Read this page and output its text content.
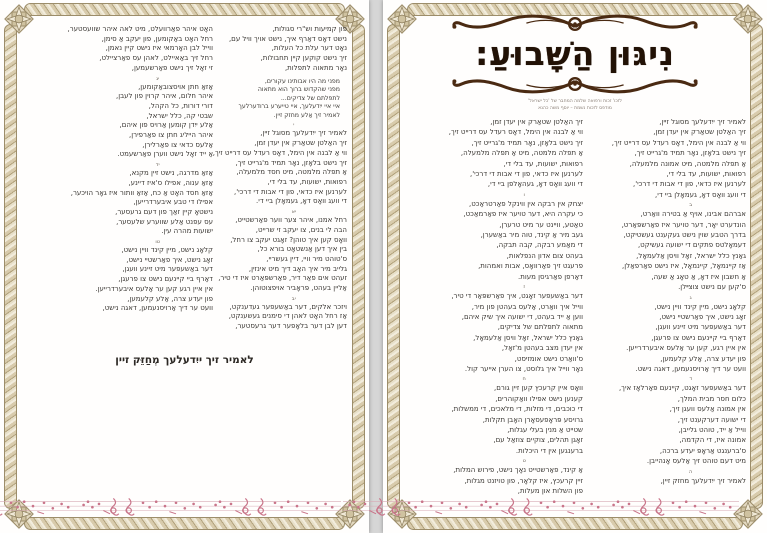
פון קמיעות וש"רי סגולות,
נישט דאָס דאַרף איך, נישט אויך וויל עם,
נאָט דער עלת כל העלות,
זיך נישט קוקען קיין תחבולות,
נאָר מתאוה לתפלות,
מפני מה היו אבותינו עקורים,
מפני שהקדוש ברוך הוא מתאוה
לתפלתם של צדיקים...
איי איי ייִדעלעך, איי טייערע ברודערלעך
לאמיר זיך אַלע מחזק זיין.
י
לאמיר זיך ייִדעלעך מסוגל זיין,
זיך האַלטן שטאַרק אין יעדן זמן,
ווי אַ לבנה אין הימל, דאָס רעדל עס דרייט זיך,
זיך נישט בלאָזן, נאָר תמיד מ'גרייט זיך,
אַ תפלה מלמטה, מיט חסד מלמעלה,
רפואות, ישועות, עד בלי די,
לערנען איז כדאי, פון די אבות די דרכי',
די וועג וואָס דאָ, געמאָלן ביי די.
יא
רחל אמנו, איהר צער ווער פאַרשטייט,
הבה לי בנים, צו יעקב זי שרייט,
וואָס קען איך טוהן? זאָגט יעקב צו רחל,
בין איך דען אַנשטאָט בורא כל,
ס'טוהט מיר וויי, דיין געשריי,
גלייב מיר איך האָב דיך מיט אינזין,
זעהט אים פאַר דיר, פאַרשפּאַרט איז די טיר,
אַליין בעהט, פּראָביר אויפצוטוהן.
יב
ויזכר אלקים, דער באַשעפער געדענקט,
אַז רחל האָט לאהן די סימנים געשענקט,
דען לבן דער בלאָפער דער גרעסטער,
האָט איהר פאַרוועלט, מיט לאה איהר שוועסטער,
רחל האָט באַקומען, פון יעקב אַ סימן,
ווייל לבן האָרמאי איז נישט קיין נאמן,
רחל זיך באַאיילט, לאהן עס פאַרציילט,
זי זאָל זיך נישט פאַרשעמען,
יג
אַזאַ חתן אויסצובאַקומען,
איהר חלום, איהר קרוין פון לעבן,
דורי דורות, כל הקהל,
שבטי קה, כלל ישראל,
אַלע ייִדן קומען אַרויס פון איהם,
איהר הייליג חתן צו פאַרפירן,
אַלעס כדאי צו פאַרלירן,
אַ ייד זאָל נישט ווערן פאַרשעמט.
יד
אַזאַ מדרגה, נישט זיין מקנא,
אַזאַ ענוה, אפילו ס'איז דיינע,
אַזאַ חסד האָט אַ כח, אַזאַ וותור איז גאָר הויכער,
אפילו די טבע איבערדרייען,
נישטאָ קיין זאַך פון דעם גרעסער,
עס עפנט אַלע שווערע שלעסער,
ישועות מהרה עין.
טו
קלאָג נישט, מיין קינד וויין נישט,
זאָג נישט, איך פאַרשטיי נישט,
דער באַשעפער מיט זיינע וועגן,
דאַרף ביי קיינעם נישט צו פרעגן,
אין איין רגע קען ער אַלעס איבערדרייען.
פון יעדע צרה, אַלע קלעמען,
וועט ער דיך אַרויסנעמען, דאגה נישט,
לאמיר זיך ייִדעלעך מְחַזֵּק זיין
נִיגּוּן הַשָּׁבוּעַ:
לזכו' זכות ורפואה שלמה המחבר של 'כל ישראל'
מודפס לזכות נשמת – יוסף משה כהנא
לאמיר זיך ייִדעלעך מסוגל זיין,
זיך האַלטן שטאַרק אין יעדן זמן,
ווי אַ לבנה אין הימל, דאָס רעדל עס דרייט זיך,
זיך נישט בלאָזן, נאָר תמיד מ'גרייט זיך,
אַ תפלה מלמטה, מיט אמונה מלמעלה,
רפואות, ישועות, עד בלי די,
לערנען איז כדאי, פון די אבות די דרכי',
די וועג וואָס דאָ, געמאָלן ביי די,
ב
אברהם אבינו, אויף אַ בטירה וואַרט,
הונדערט יאָר, דער טויער איז פאַרשפּאַרט,
בדרך הטבע שוין נישט געקענט געשטיקט,
דעמאָלטס פתקים די ישועה געשיקט,
גאַנץ כלל ישראל, זאָל וויסן אַלעמאָל,
אַז קיינמאָל, קיינמאָל, איז נישט פאַרפאַלן,
אַ חשבון איז דאָ, אַ טאָג אַ שעה,
ס'קען עם נישט צוצײלן.
ג
קלאָג נישט, מיין קינד וויין נישט,
זאָג נישט, איך פאַרשטיי נישט,
דער באַשעפער מיט זיינע וועגן,
דאַרף ביי קיינעם נישט צו פרעגן,
אין איין רגע, קען ער אַלעס איבערדרייען.
פון יעדע צרה, אַלע קלעמען,
וועט ער דיך אַרויסנעמען, דאגה נישט.
ד
דער באַשעפער זאָגט, קיינעם פאַרלאָז איך,
כלום חסר מבית המלך,
אין אמונה אַלעס וועגן זיך,
די ישועה דערקענט זיך,
ווייל אַ ייד, טוהט גלייבן,
אמונה איז, די הקדמה,
ס'ברענגט אַראָפּ יעדע ברכה,
מיט דעם טוהט זיך אַלעס אָנהייבן.
ה
לאמיר זיך ייִדעלעך מחזק זיין,
זיך האַלטן שטאַרק אין יעדן זמן,
ווי אַ לבנה אין הימל, דאָס רעדל עס דרייט זיך,
זיך נישט בלאָזן, נאָר תמיד מ'גרייט זיך,
אַ תפלה מלמטה, מיט אַ תפלה מלמעלה,
רפואות, ישועות, עד בלי די,
לערנען איז כדאי, פון די אבות די דרכי',
די וועג וואָס דאָ, געהאָלפן ביי די,
ו
יצחק אין רבקה אין ווינקל פאַרטראַכט,
כי עקרה היא, דער טויער איז פאַרמאַכט,
טאַטע, וויינט ער מיט טרערן,
געב מיר אַ קינד, טוה מיר באַשערן,
די מאַמע רבקה, קבה תבקה,
בעהט צום אדון הנפלאות,
פרעגט זיך פאַרוואָס, אבות ואמהות,
דאַרפן פאַרגיסן מעות.
ז
דער באַשעפער זאָגט, איך פאַרשפּאַר די טיר,
ווייל איך וואַרט, אַלעס בעהטן פון מיר,
ווען אַ ייד בעהט, די ישועה איך שיק איהם,
מתאוה לתפלתם של צדיקים,
גאַנץ כלל ישראל, זאָל וויסן אַלעמאָל,
אין יעדן מצב בעהטן מ'זאָל,
ס'וואַרט נישט אומזיסט,
נאָר ווייל איך גלוסט, צו הערן אייער קול.
ח
וואָס איין קרעכץ קען זיין גורם,
קענען נישט אפילו וואַקוהרים,
די כוכבים, די מזלות, די מלאכים, די ממשלות,
גרויסע פּראָפעסאָרן האָבן תקלות,
שטייט אַ מנין בעלי עגלות,
זאָגן תהלים, צוקיים צוזאַל עם,
ברענגען אין די היכלות.
ט
אַ קינד, פאַרשטייט נאָך נישט, פירוש המלות,
זיין קרעכץ, איז קלאָר, פון טויזנט מגלות,
פון השלות און מעלות,
